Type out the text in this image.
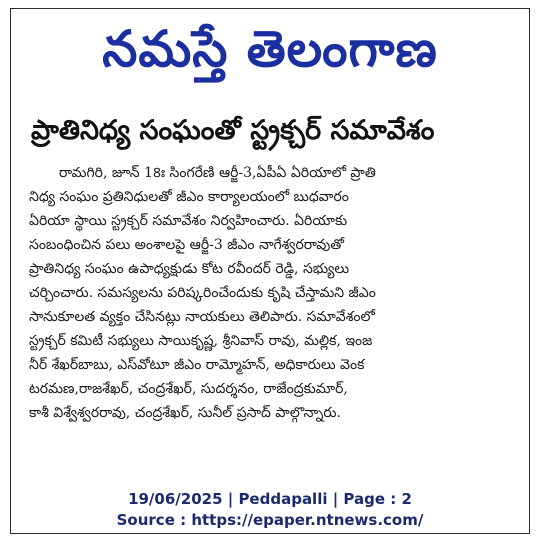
నమస్తే తెలంగాణ
ప్రాతినిధ్య సంఘంతో స్ట్రక్చర్ సమావేశం
రామగిరి, జూన్ 18ః సింగరేణి ఆర్జీ-3,ఏపీఏ ఏరియాలో ప్రాతి
నిధ్య సంఘం ప్రతినిధులతో జీఎం కార్యాలయంలో బుధవారం
ఏరియా స్థాయి స్ట్రక్చర్ సమావేశం నిర్వహించారు. ఏరియాకు
సంబంధించిన పలు అంశాలపై ఆర్జీ-3 జీఎం నాగేశ్వరరావుతో
ప్రాతినిధ్య సంఘం ఉపాధ్యక్షుడు కోట రవీందర్ రెడ్డి, సభ్యులు
చర్చించారు. సమస్యలను పరిష్కరించేందుకు కృషి చేస్తామని జీఎం
సానుకూలత వ్యక్తం చేసినట్లు నాయకులు తెలిపారు. సమావేశంలో
స్ట్రక్చర్ కమిటీ సభ్యులు సాయికృష్ణ, శ్రీనివాస్ రావు, మల్లిక, ఇంజ
నీర్ శేఖర్‌బాబు, ఎస్‌వోటూ జీఎం రామ్మోహన్, అధికారులు వెంక
టరమణ,రాజశేఖర్, చంద్రశేఖర్, సుదర్శనం, రాజేంద్రకుమార్,
కాశీ విశ్వేశ్వరరావు, చంద్రశేఖర్, సునీల్ ప్రసాద్ పాల్గొన్నారు.
19/06/2025 | Peddapalli | Page : 2
Source : https://epaper.ntnews.com/
